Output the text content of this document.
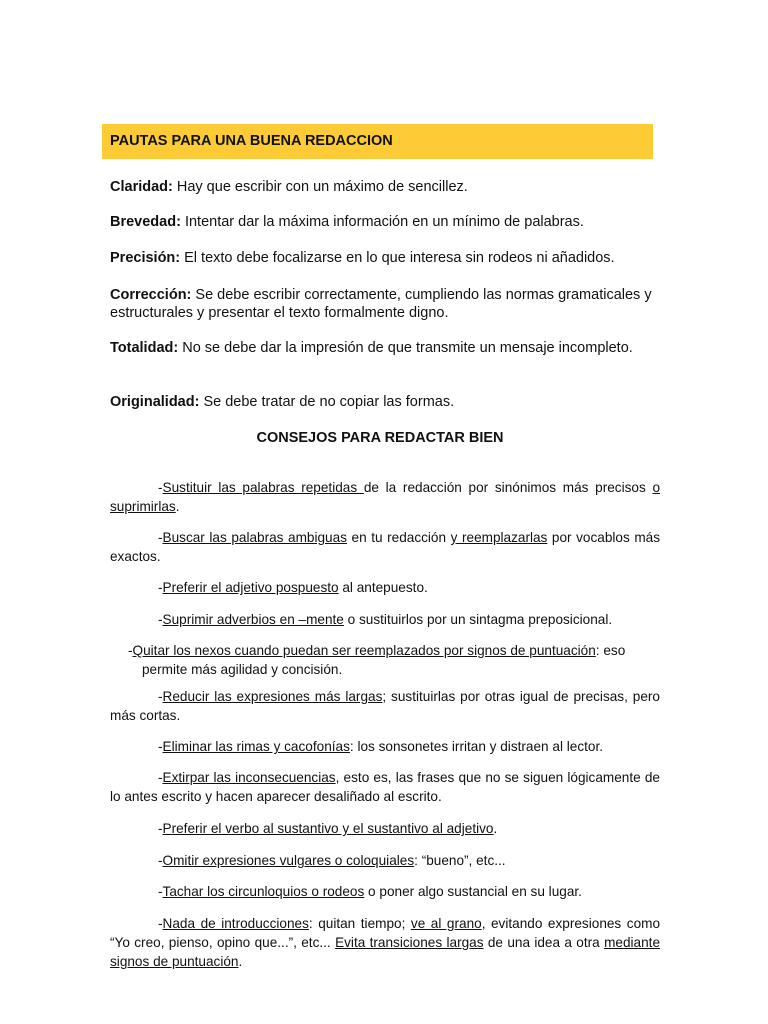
PAUTAS PARA UNA BUENA REDACCION
Claridad: Hay que escribir con un máximo de sencillez.
Brevedad: Intentar dar la máxima información en un mínimo de palabras.
Precisión: El texto debe focalizarse en lo que interesa sin rodeos ni añadidos.
Corrección: Se debe escribir correctamente, cumpliendo las normas gramaticales y estructurales y presentar el texto formalmente digno.
Totalidad: No se debe dar la impresión de que transmite un mensaje incompleto.
Originalidad: Se debe tratar de no copiar las formas.
CONSEJOS PARA REDACTAR BIEN
-Sustituir las palabras repetidas de la redacción por sinónimos más precisos o suprimirlas.
-Buscar las palabras ambiguas en tu redacción y reemplazarlas por vocablos más exactos.
-Preferir el adjetivo pospuesto al antepuesto.
-Suprimir adverbios en –mente o sustituirlos por un sintagma preposicional.
-Quitar los nexos cuando puedan ser reemplazados por signos de puntuación: eso permite más agilidad y concisión.
-Reducir las expresiones más largas; sustituirlas por otras igual de precisas, pero más cortas.
-Eliminar las rimas y cacofonías: los sonsonetes irritan y distraen al lector.
-Extirpar las inconsecuencias, esto es, las frases que no se siguen lógicamente de lo antes escrito y hacen aparecer desaliñado al escrito.
-Preferir el verbo al sustantivo y el sustantivo al adjetivo.
-Omitir expresiones vulgares o coloquiales: “bueno”, etc...
-Tachar los circunloquios o rodeos o poner algo sustancial en su lugar.
-Nada de introducciones: quitan tiempo; ve al grano, evitando expresiones como “Yo creo, pienso, opino que...”, etc... Evita transiciones largas de una idea a otra mediante signos de puntuación.
